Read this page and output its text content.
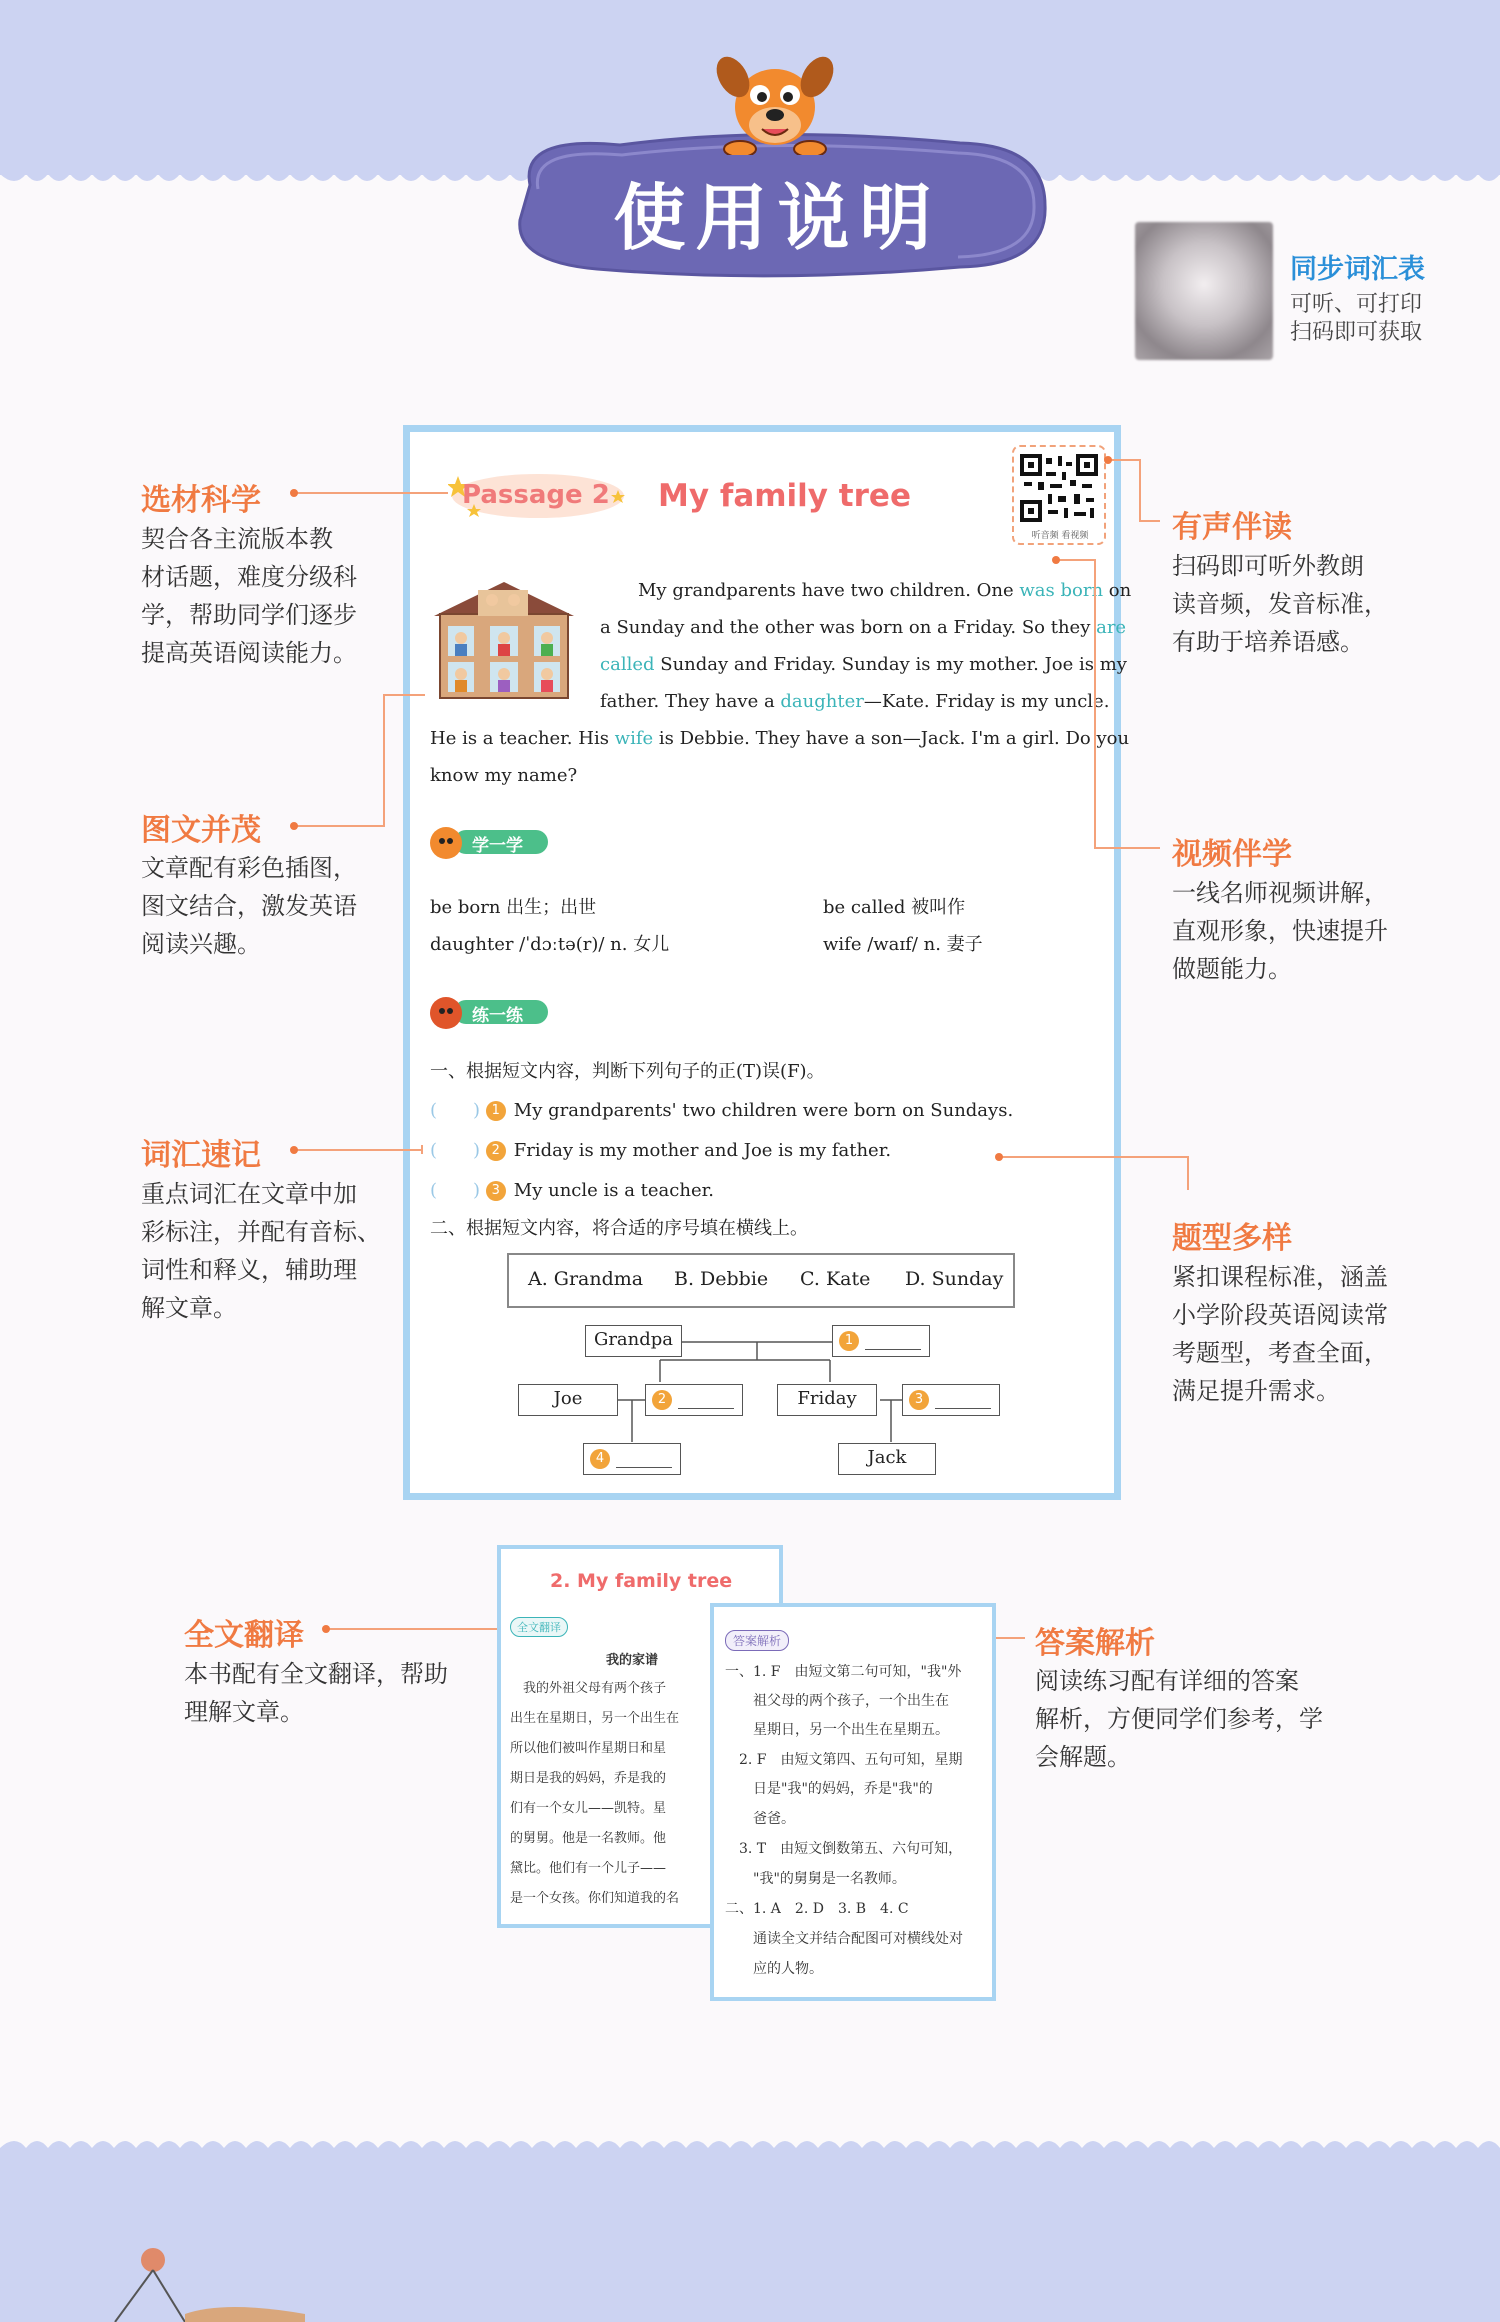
使用说明
同步词汇表
可听、可打印
扫码即可获取
Passage 2 My family tree
听音频 看视频
My grandparents have two children. One was born on
a Sunday and the other was born on a Friday. So they are
called Sunday and Friday. Sunday is my mother. Joe is my
father. They have a daughter—Kate. Friday is my uncle.
He is a teacher. His wife is Debbie. They have a son—Jack. I'm a girl. Do you
know my name?
学一学
be born 出生；出世	be called 被叫作
daughter /ˈdɔːtə(r)/ n. 女儿	wife /waɪf/ n. 妻子
练一练
一、根据短文内容，判断下列句子的正(T)误(F)。
(　　) 1 My grandparents' two children were born on Sundays.
(　　) 2 Friday is my mother and Joe is my father.
(　　) 3 My uncle is a teacher.
二、根据短文内容，将合适的序号填在横线上。
A. Grandma B. Debbie C. Kate D. Sunday
Grandpa	1
Joe	2	Friday	3
4	Jack
选材科学
契合各主流版本教
材话题，难度分级科
学，帮助同学们逐步
提高英语阅读能力。
图文并茂
文章配有彩色插图，
图文结合，激发英语
阅读兴趣。
词汇速记
重点词汇在文章中加
彩标注，并配有音标、
词性和释义，辅助理
解文章。
全文翻译
本书配有全文翻译，帮助
理解文章。
有声伴读
扫码即可听外教朗
读音频，发音标准，
有助于培养语感。
视频伴学
一线名师视频讲解，
直观形象，快速提升
做题能力。
题型多样
紧扣课程标准，涵盖
小学阶段英语阅读常
考题型，考查全面，
满足提升需求。
答案解析
阅读练习配有详细的答案
解析，方便同学们参考，学
会解题。
2. My family tree
全文翻译
我的家谱
　我的外祖父母有两个孩子
出生在星期日，另一个出生在
所以他们被叫作星期日和星
期日是我的妈妈，乔是我的
们有一个女儿——凯特。星
的舅舅。他是一名教师。他
黛比。他们有一个儿子——
是一个女孩。你们知道我的名
答案解析
一、1. F　由短文第二句可知，"我"外
　　祖父母的两个孩子，一个出生在
　　星期日，另一个出生在星期五。
　2. F　由短文第四、五句可知，星期
　　日是"我"的妈妈，乔是"我"的
　　爸爸。
　3. T　由短文倒数第五、六句可知，
　　"我"的舅舅是一名教师。
二、1. A　2. D　3. B　4. C
　　通读全文并结合配图可对横线处对
　　应的人物。
